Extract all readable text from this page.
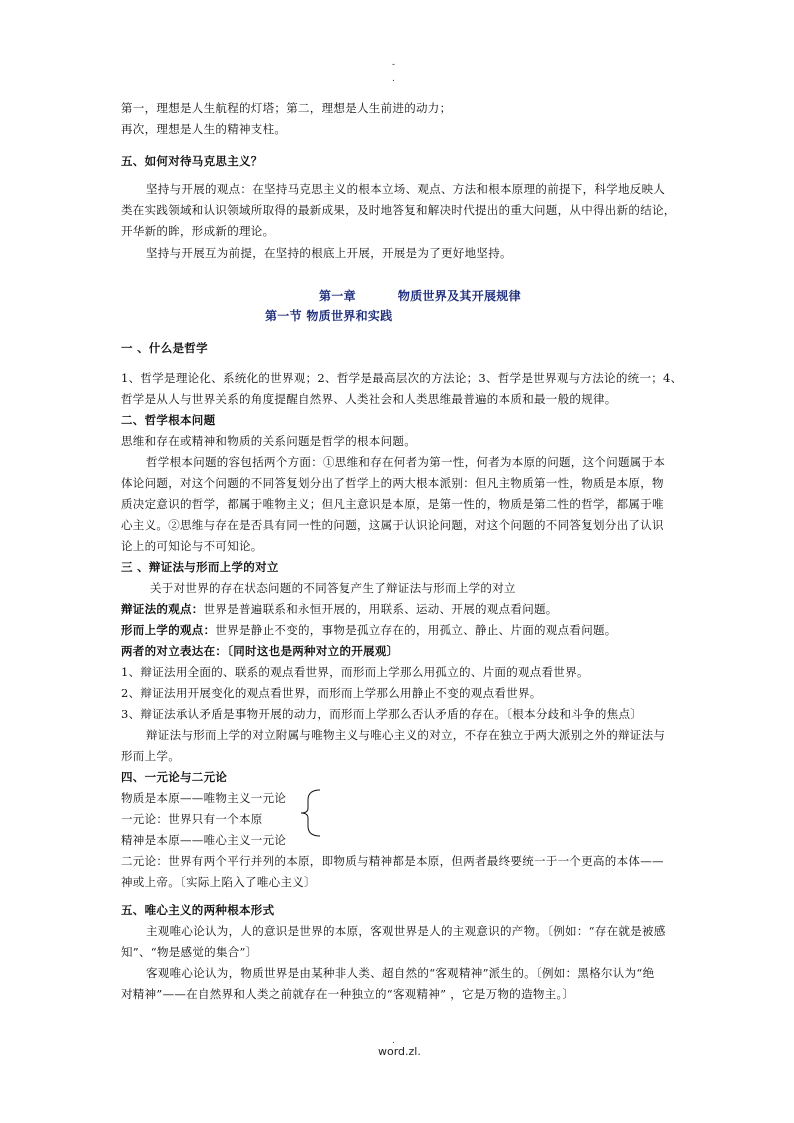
-
.
第一，理想是人生航程的灯塔；第二，理想是人生前进的动力；
再次，理想是人生的精神支柱。
五、如何对待马克思主义？
坚持与开展的观点：在坚持马克思主义的根本立场、观点、方法和根本原理的前提下，科学地反映人
类在实践领域和认识领域所取得的最新成果，及时地答复和解决时代提出的重大问题，从中得出新的结论，
开华新的眸，形成新的理论。
坚持与开展互为前提，在坚持的根底上开展，开展是为了更好地坚持。
第一章	物质世界及其开展规律
第一节 物质世界和实践
一 、什么是哲学
1、哲学是理论化、系统化的世界观；2、哲学是最高层次的方法论；3、哲学是世界观与方法论的统一；4、
哲学是从人与世界关系的角度提醒自然界、人类社会和人类思维最普遍的本质和最一般的规律。
二、哲学根本问题
思维和存在或精神和物质的关系问题是哲学的根本问题。
哲学根本问题的容包括两个方面：①思维和存在何者为第一性，何者为本原的问题，这个问题属于本
体论问题，对这个问题的不同答复划分出了哲学上的两大根本派别：但凡主物质第一性，物质是本原，物
质决定意识的哲学，都属于唯物主义；但凡主意识是本原，是第一性的，物质是第二性的哲学，都属于唯
心主义。②思维与存在是否具有同一性的问题，这属于认识论问题，对这个问题的不同答复划分出了认识
论上的可知论与不可知论。
三 、辩证法与形而上学的对立
关于对世界的存在状态问题的不同答复产生了辩证法与形而上学的对立
辩证法的观点：世界是普遍联系和永恒开展的，用联系、运动、开展的观点看问题。
形而上学的观点：世界是静止不变的，事物是孤立存在的，用孤立、静止、片面的观点看问题。
两者的对立表达在：〔同时这也是两种对立的开展观〕
1、辩证法用全面的、联系的观点看世界，而形而上学那么用孤立的、片面的观点看世界。
2、辩证法用开展变化的观点看世界，而形而上学那么用静止不变的观点看世界。
3、辩证法承认矛盾是事物开展的动力，而形而上学那么否认矛盾的存在。〔根本分歧和斗争的焦点〕
辩证法与形而上学的对立附属与唯物主义与唯心主义的对立，不存在独立于两大派别之外的辩证法与
形而上学。
四、一元论与二元论
物质是本原——唯物主义一元论
一元论：世界只有一个本原
精神是本原——唯心主义一元论
二元论：世界有两个平行并列的本原，即物质与精神都是本原，但两者最终要统一于一个更高的本体——
神或上帝。〔实际上陷入了唯心主义〕
五、唯心主义的两种根本形式
主观唯心论认为，人的意识是世界的本原，客观世界是人的主观意识的产物。〔例如：“存在就是被感
知”、“物是感觉的集合”〕
客观唯心论认为，物质世界是由某种非人类、超自然的“客观精神”派生的。〔例如：黑格尔认为“绝
对精神”——在自然界和人类之前就存在一种独立的“客观精神” ，它是万物的造物主。〕
.
word.zl.
